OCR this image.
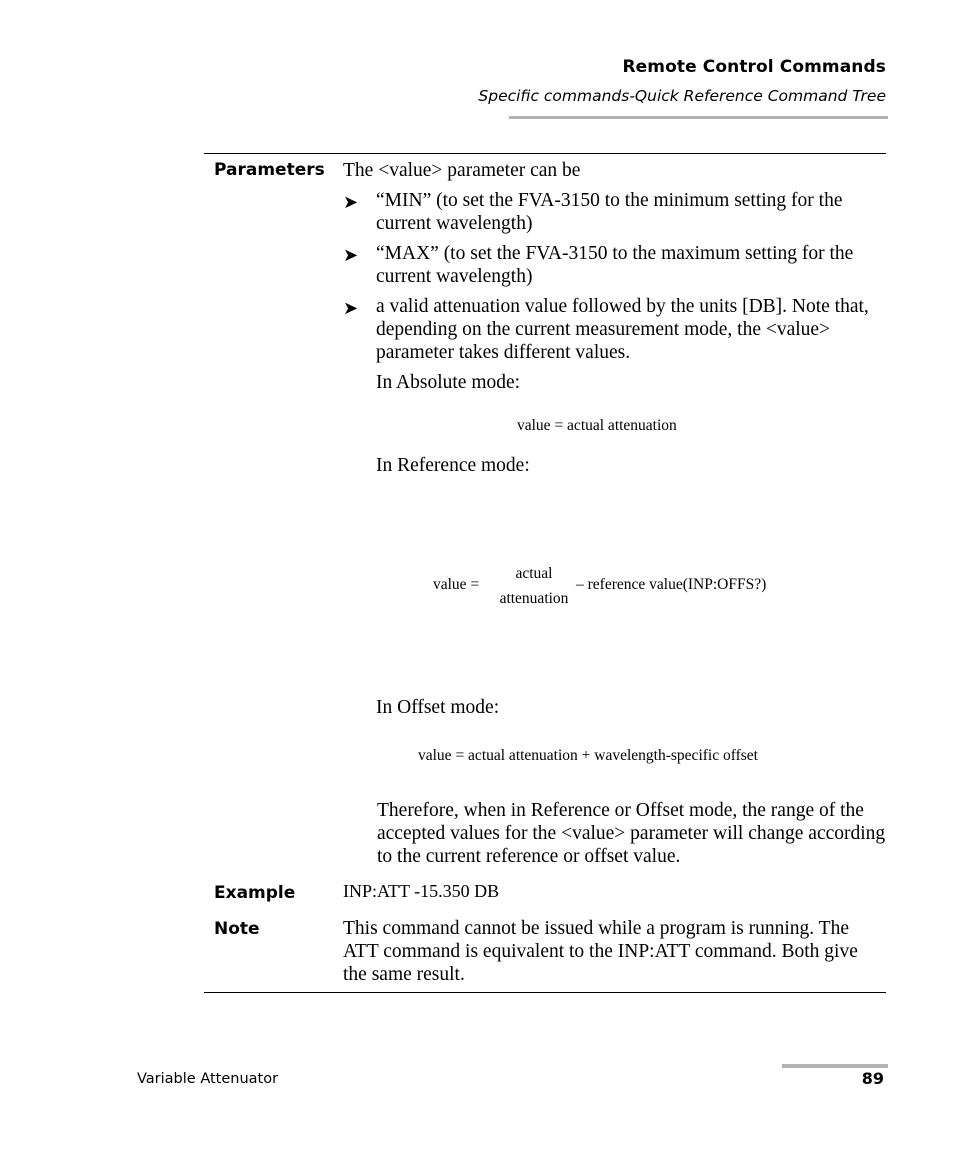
Remote Control Commands
Specific commands-Quick Reference Command Tree
Parameters The <value> parameter can be
➤ “MIN” (to set the FVA-3150 to the minimum setting for the current wavelength)
➤ “MAX” (to set the FVA-3150 to the maximum setting for the current wavelength)
➤ a valid attenuation value followed by the units [DB]. Note that, depending on the current measurement mode, the <value> parameter takes different values.
In Absolute mode:
value = actual attenuation
In Reference mode:
value =
actual
attenuation
– reference value(INP:OFFS?)
In Offset mode:
value = actual attenuation + wavelength-specific offset
Therefore, when in Reference or Offset mode, the range of the accepted values for the <value> parameter will change according to the current reference or offset value.
Example	INP:ATT -15.350 DB
Note	This command cannot be issued while a program is running. The ATT command is equivalent to the INP:ATT command. Both give the same result.
Variable Attenuator	89
